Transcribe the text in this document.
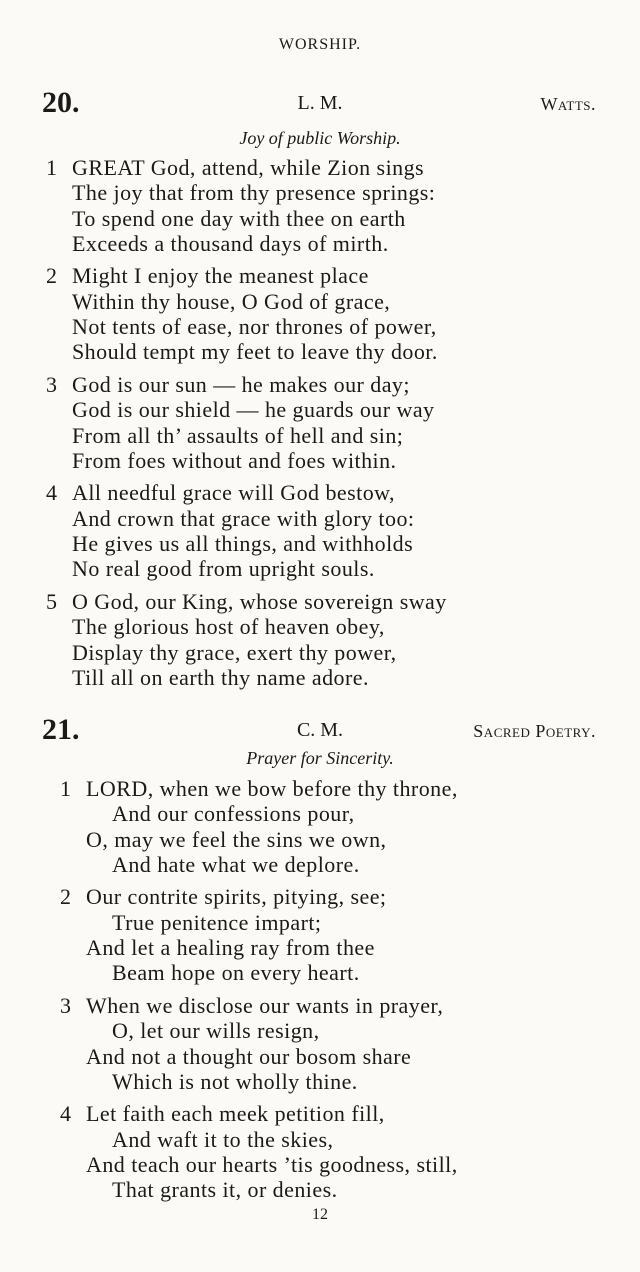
WORSHIP.
20.	L. M.	Watts.
Joy of public Worship.
1 GREAT God, attend, while Zion sings
The joy that from thy presence springs:
To spend one day with thee on earth
Exceeds a thousand days of mirth.
2 Might I enjoy the meanest place
Within thy house, O God of grace,
Not tents of ease, nor thrones of power,
Should tempt my feet to leave thy door.
3 God is our sun — he makes our day;
God is our shield — he guards our way
From all th’ assaults of hell and sin;
From foes without and foes within.
4 All needful grace will God bestow,
And crown that grace with glory too:
He gives us all things, and withholds
No real good from upright souls.
5 O God, our King, whose sovereign sway
The glorious host of heaven obey,
Display thy grace, exert thy power,
Till all on earth thy name adore.
21.	C. M.	Sacred Poetry.
Prayer for Sincerity.
1 LORD, when we bow before thy throne,
And our confessions pour,
O, may we feel the sins we own,
And hate what we deplore.
2 Our contrite spirits, pitying, see;
True penitence impart;
And let a healing ray from thee
Beam hope on every heart.
3 When we disclose our wants in prayer,
O, let our wills resign,
And not a thought our bosom share
Which is not wholly thine.
4 Let faith each meek petition fill,
And waft it to the skies,
And teach our hearts ’tis goodness, still,
That grants it, or denies.
12
